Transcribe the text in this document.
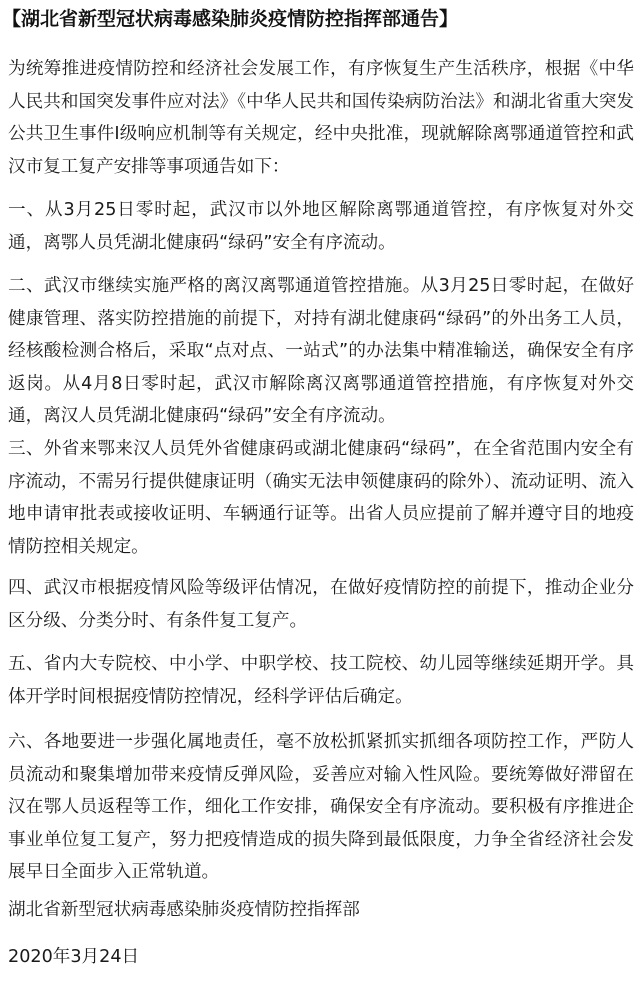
【湖北省新型冠状病毒感染肺炎疫情防控指挥部通告】
为统筹推进疫情防控和经济社会发展工作，有序恢复生产生活秩序，根据《中华人民共和国突发事件应对法》《中华人民共和国传染病防治法》和湖北省重大突发公共卫生事件Ⅰ级响应机制等有关规定，经中央批准，现就解除离鄂通道管控和武汉市复工复产安排等事项通告如下：
一、从3月25日零时起，武汉市以外地区解除离鄂通道管控，有序恢复对外交通，离鄂人员凭湖北健康码“绿码”安全有序流动。
二、武汉市继续实施严格的离汉离鄂通道管控措施。从3月25日零时起，在做好健康管理、落实防控措施的前提下，对持有湖北健康码“绿码”的外出务工人员，经核酸检测合格后，采取“点对点、一站式”的办法集中精准输送，确保安全有序返岗。从4月8日零时起，武汉市解除离汉离鄂通道管控措施，有序恢复对外交通，离汉人员凭湖北健康码“绿码”安全有序流动。
三、外省来鄂来汉人员凭外省健康码或湖北健康码“绿码”，在全省范围内安全有序流动，不需另行提供健康证明（确实无法申领健康码的除外）、流动证明、流入地申请审批表或接收证明、车辆通行证等。出省人员应提前了解并遵守目的地疫情防控相关规定。
四、武汉市根据疫情风险等级评估情况，在做好疫情防控的前提下，推动企业分区分级、分类分时、有条件复工复产。
五、省内大专院校、中小学、中职学校、技工院校、幼儿园等继续延期开学。具体开学时间根据疫情防控情况，经科学评估后确定。
六、各地要进一步强化属地责任，毫不放松抓紧抓实抓细各项防控工作，严防人员流动和聚集增加带来疫情反弹风险，妥善应对输入性风险。要统筹做好滞留在汉在鄂人员返程等工作，细化工作安排，确保安全有序流动。要积极有序推进企事业单位复工复产，努力把疫情造成的损失降到最低限度，力争全省经济社会发展早日全面步入正常轨道。
湖北省新型冠状病毒感染肺炎疫情防控指挥部
2020年3月24日
